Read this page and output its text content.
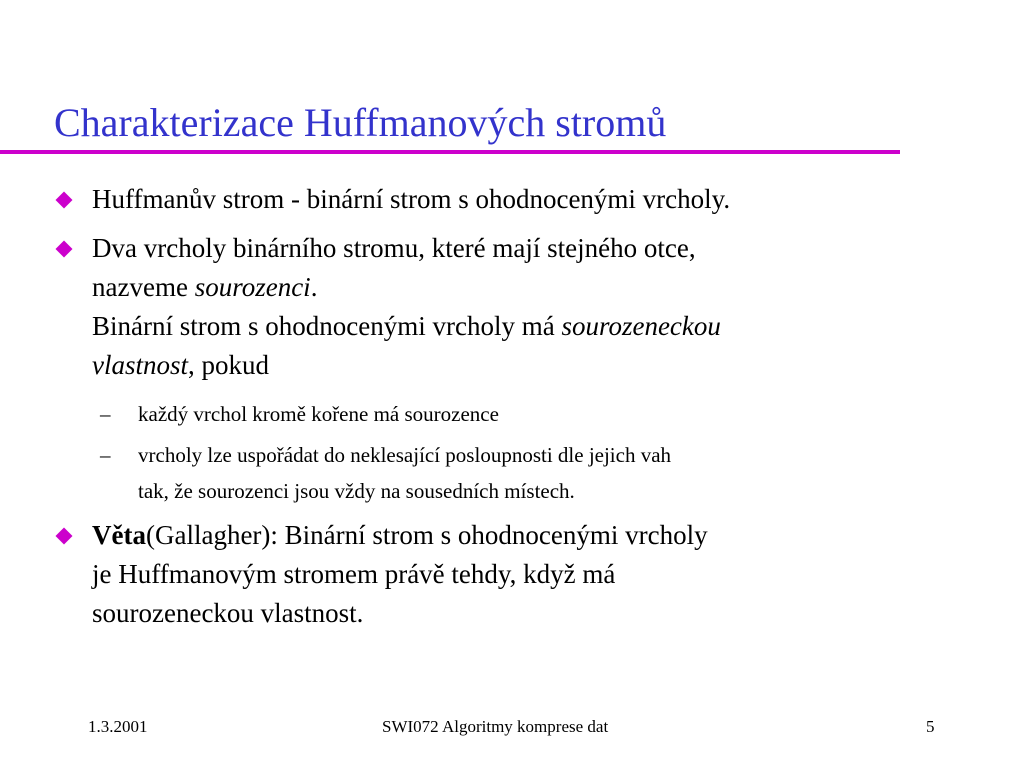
Charakterizace Huffmanových stromů
Huffmanův strom - binární strom s ohodnocenými vrcholy.
Dva vrcholy binárního stromu, které mají stejného otce,
nazveme sourozenci.
Binární strom s ohodnocenými vrcholy má sourozeneckou
vlastnost, pokud
– každý vrchol kromě kořene má sourozence
– vrcholy lze uspořádat do neklesající posloupnosti dle jejich vah
tak, že sourozenci jsou vždy na sousedních místech.
Věta(Gallagher): Binární strom s ohodnocenými vrcholy
je Huffmanovým stromem právě tehdy, když má
sourozeneckou vlastnost.
1.3.2001	SWI072 Algoritmy komprese dat	5
